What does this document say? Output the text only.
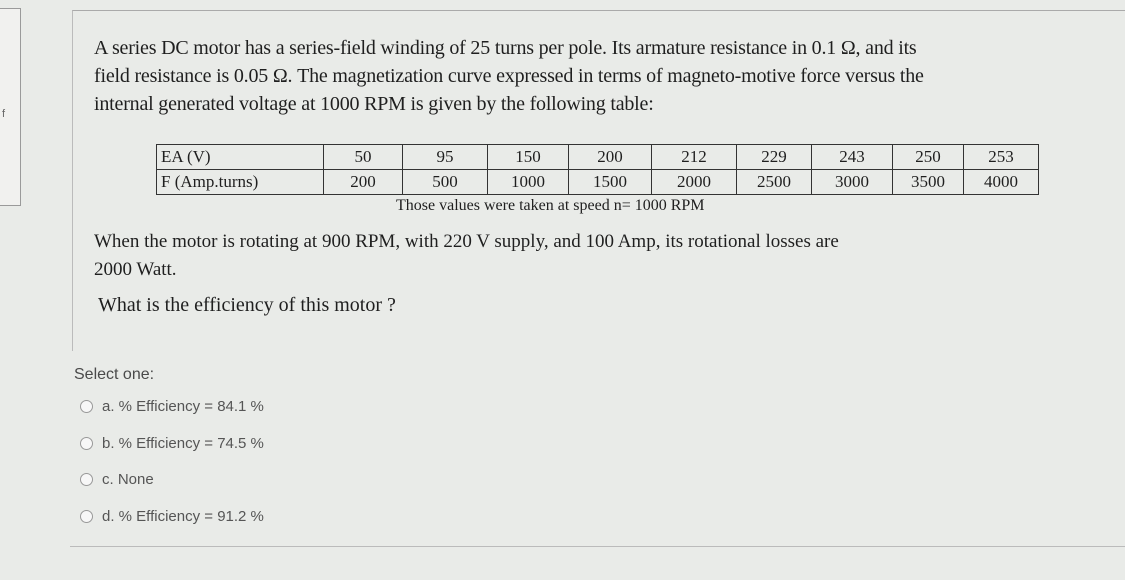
f
A series DC motor has a series-field winding of 25 turns per pole. Its armature resistance in 0.1 Ω, and its
field resistance is 0.05 Ω. The magnetization curve expressed in terms of magneto-motive force versus the
internal generated voltage at 1000 RPM is given by the following table:
EA (V)	50	95	150	200	212	229	243	250	253
F (Amp.turns)	200	500	1000	1500	2000	2500	3000	3500	4000
Those values were taken at speed n= 1000 RPM
When the motor is rotating at 900 RPM, with 220 V supply, and 100 Amp, its rotational losses are
2000 Watt.
What is the efficiency of this motor ?
Select one:
a. % Efficiency = 84.1 %
b. % Efficiency = 74.5 %
c. None
d. % Efficiency = 91.2 %
